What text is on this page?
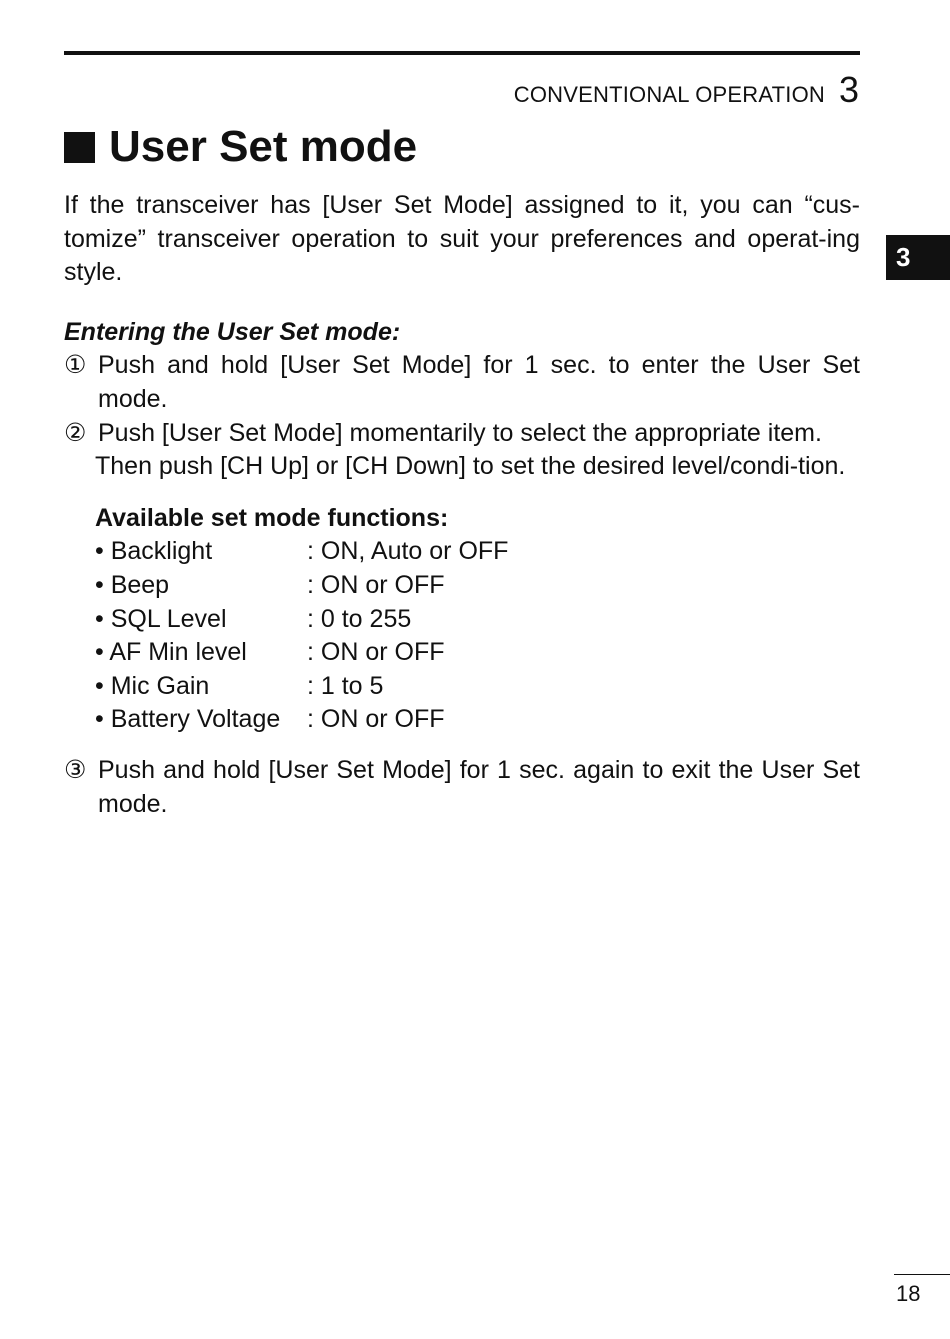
CONVENTIONAL OPERATION 3
3
User Set mode

If the transceiver has [User Set Mode] assigned to it, you can “cus-tomize” transceiver operation to suit your preferences and operat-ing style.

Entering the User Set mode:
① Push and hold [User Set Mode] for 1 sec. to enter the User Set mode.
② Push [User Set Mode] momentarily to select the appropriate item.

Then push [CH Up] or [CH Down] to set the desired level/condi-tion.

Available set mode functions:
• Backlight	: ON, Auto or OFF
• Beep	: ON or OFF
• SQL Level	: 0 to 255
• AF Min level	: ON or OFF
• Mic Gain	: 1 to 5
• Battery Voltage	: ON or OFF
③ Push and hold [User Set Mode] for 1 sec. again to exit the User Set mode.
18
